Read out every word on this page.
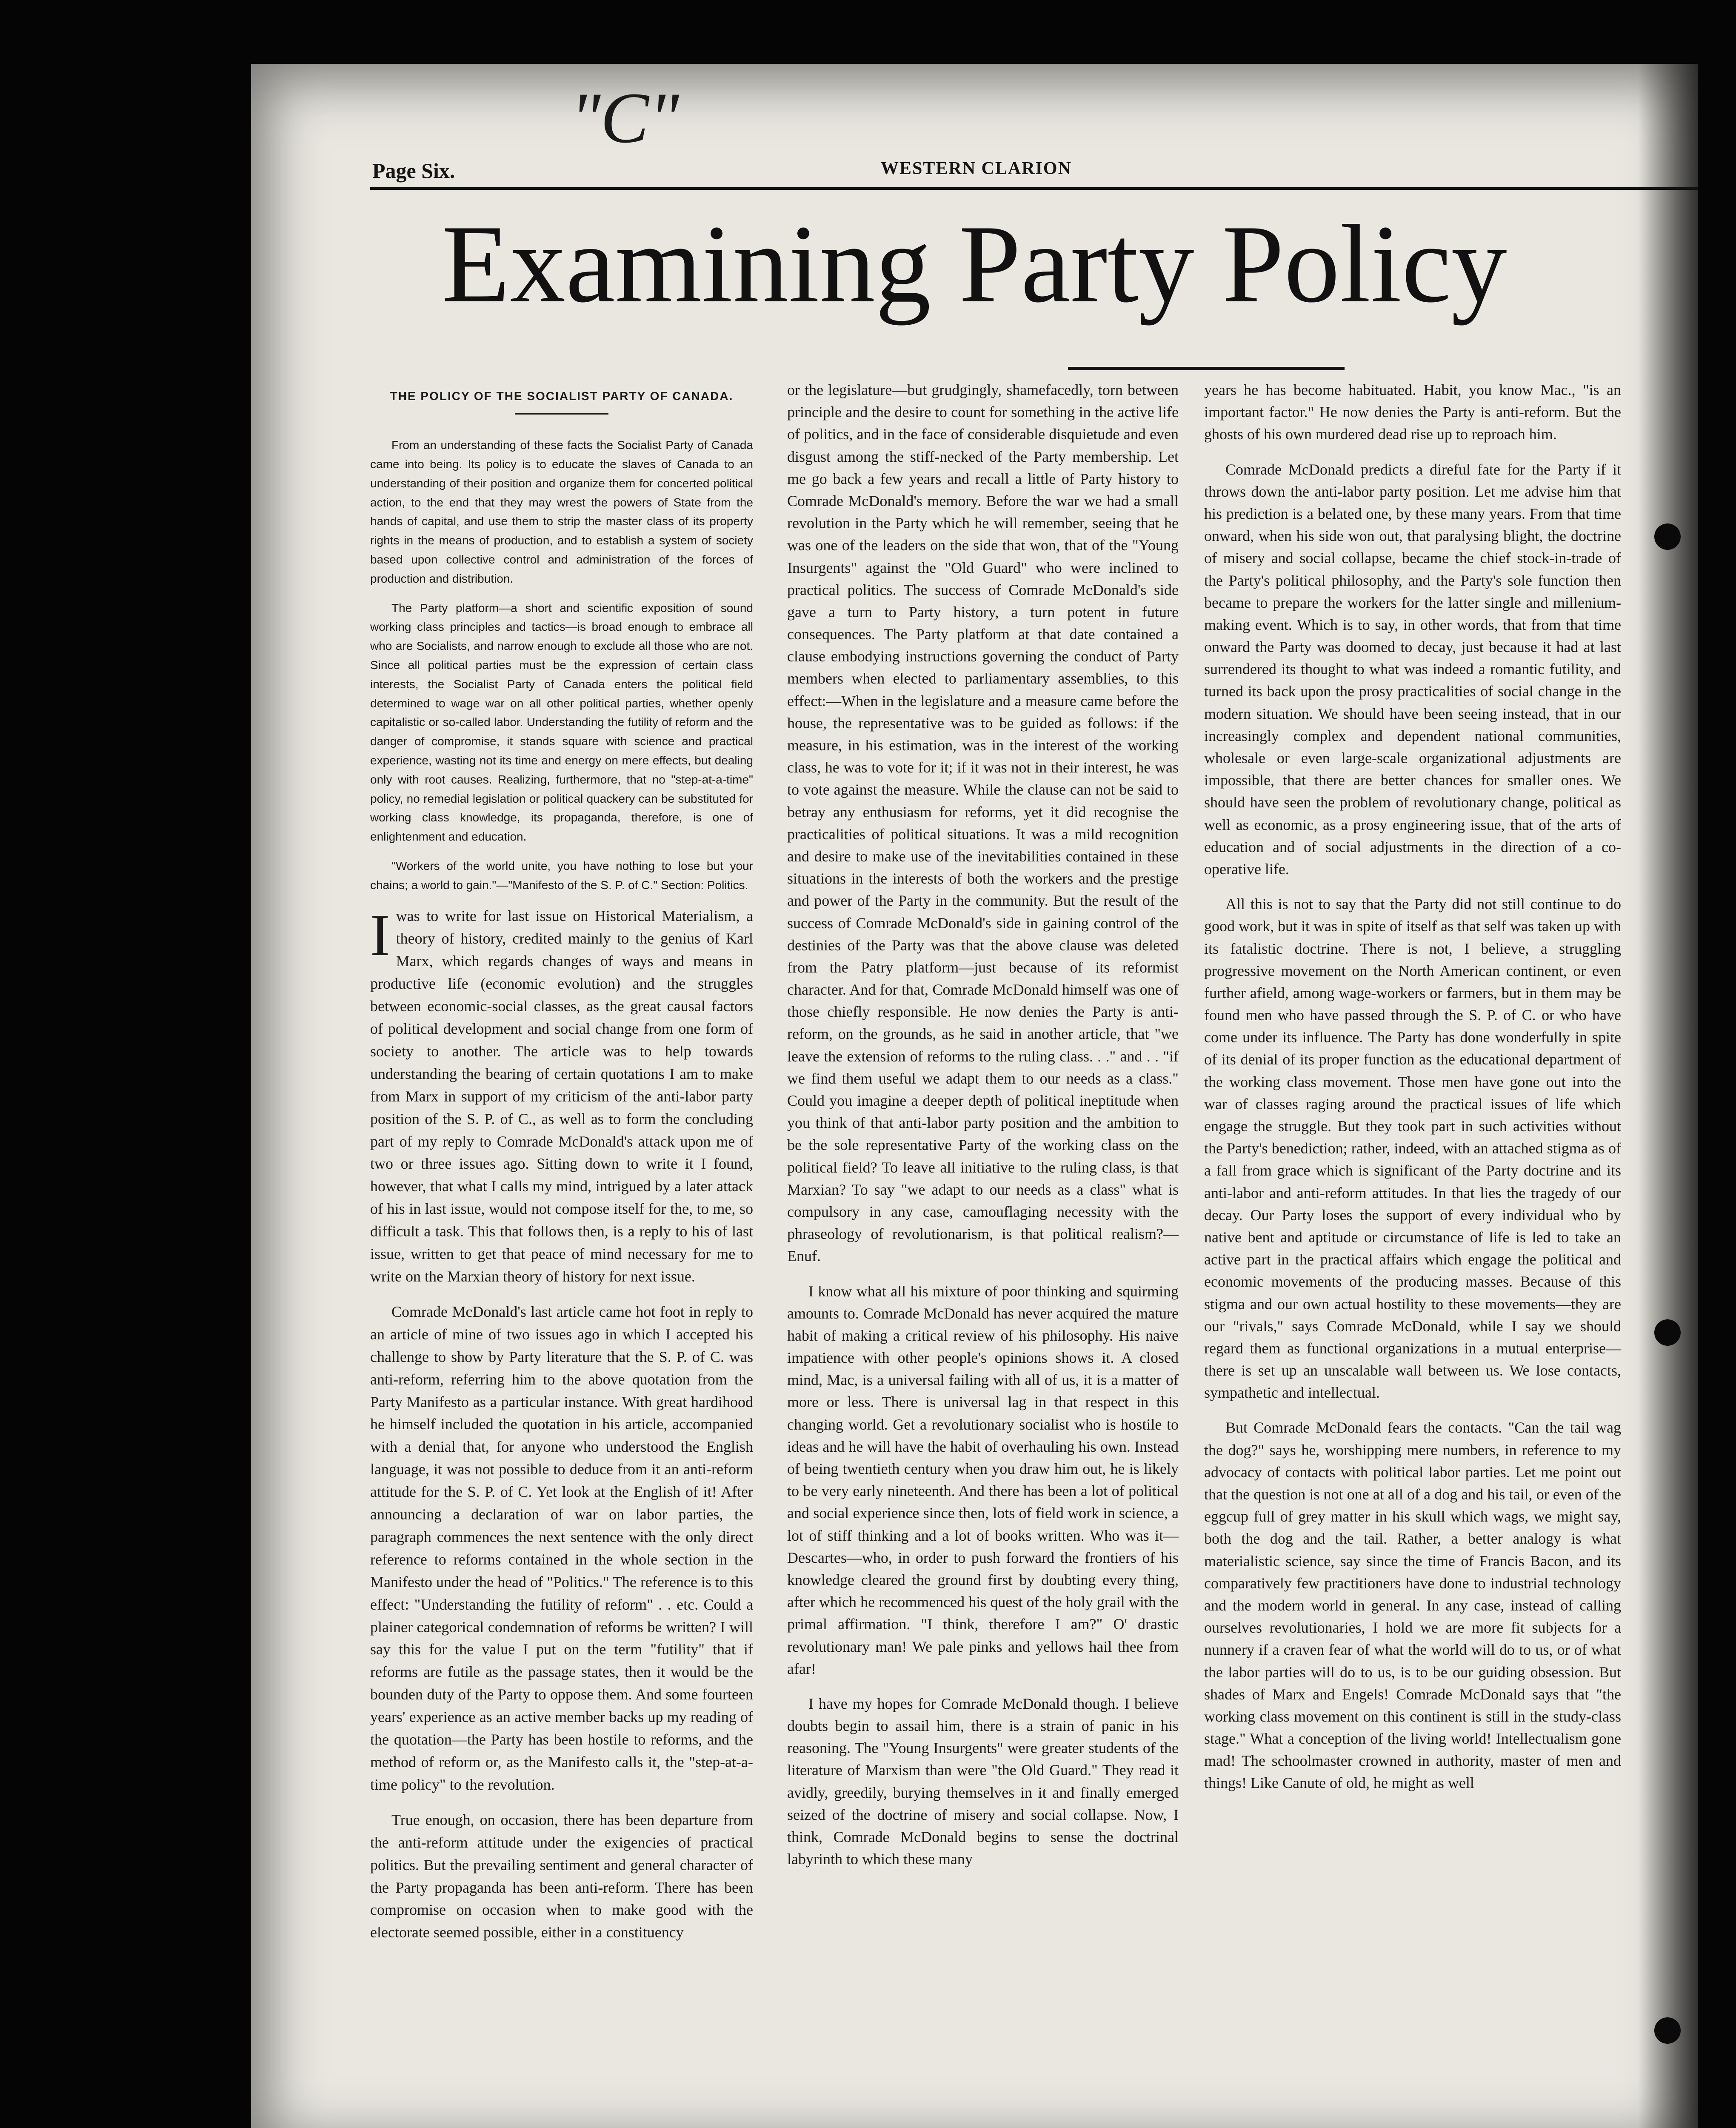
"C"
Page Six.	WESTERN CLARION
Examining Party Policy
THE POLICY OF THE SOCIALIST PARTY OF CANADA.

From an understanding of these facts the Socialist Party of Canada came into being. Its policy is to educate the slaves of Canada to an understanding of their position and organize them for concerted political action, to the end that they may wrest the powers of State from the hands of capital, and use them to strip the master class of its property rights in the means of production, and to establish a system of society based upon collective control and administration of the forces of production and distribution.

The Party platform—a short and scientific exposition of sound working class principles and tactics—is broad enough to embrace all who are Socialists, and narrow enough to exclude all those who are not. Since all political parties must be the expression of certain class interests, the Socialist Party of Canada enters the political field determined to wage war on all other political parties, whether openly capitalistic or so-called labor. Understanding the futility of reform and the danger of compromise, it stands square with science and practical experience, wasting not its time and energy on mere effects, but dealing only with root causes. Realizing, furthermore, that no "step-at-a-time" policy, no remedial legislation or political quackery can be substituted for working class knowledge, its propaganda, therefore, is one of enlightenment and education.

"Workers of the world unite, you have nothing to lose but your chains; a world to gain."—"Manifesto of the S. P. of C." Section: Politics.

I was to write for last issue on Historical Materialism, a theory of history, credited mainly to the genius of Karl Marx, which regards changes of ways and means in productive life (economic evolution) and the struggles between economic-social classes, as the great causal factors of political development and social change from one form of society to another. The article was to help towards understanding the bearing of certain quotations I am to make from Marx in support of my criticism of the anti-labor party position of the S. P. of C., as well as to form the concluding part of my reply to Comrade McDonald's attack upon me of two or three issues ago. Sitting down to write it I found, however, that what I calls my mind, intrigued by a later attack of his in last issue, would not compose itself for the, to me, so difficult a task. This that follows then, is a reply to his of last issue, written to get that peace of mind necessary for me to write on the Marxian theory of history for next issue.

Comrade McDonald's last article came hot foot in reply to an article of mine of two issues ago in which I accepted his challenge to show by Party literature that the S. P. of C. was anti-reform, referring him to the above quotation from the Party Manifesto as a particular instance. With great hardihood he himself included the quotation in his article, accompanied with a denial that, for anyone who understood the English language, it was not possible to deduce from it an anti-reform attitude for the S. P. of C. Yet look at the English of it! After announcing a declaration of war on labor parties, the paragraph commences the next sentence with the only direct reference to reforms contained in the whole section in the Manifesto under the head of "Politics." The reference is to this effect: "Understanding the futility of reform" . . etc. Could a plainer categorical condemnation of reforms be written? I will say this for the value I put on the term "futility" that if reforms are futile as the passage states, then it would be the bounden duty of the Party to oppose them. And some fourteen years' experience as an active member backs up my reading of the quotation—the Party has been hostile to reforms, and the method of reform or, as the Manifesto calls it, the "step-at-a-time policy" to the revolution.

True enough, on occasion, there has been departure from the anti-reform attitude under the exigencies of practical politics. But the prevailing sentiment and general character of the Party propaganda has been anti-reform. There has been compromise on occasion when to make good with the electorate seemed possible, either in a constituency

or the legislature—but grudgingly, shamefacedly, torn between principle and the desire to count for something in the active life of politics, and in the face of considerable disquietude and even disgust among the stiff-necked of the Party membership. Let me go back a few years and recall a little of Party history to Comrade McDonald's memory. Before the war we had a small revolution in the Party which he will remember, seeing that he was one of the leaders on the side that won, that of the "Young Insurgents" against the "Old Guard" who were inclined to practical politics. The success of Comrade McDonald's side gave a turn to Party history, a turn potent in future consequences. The Party platform at that date contained a clause embodying instructions governing the conduct of Party members when elected to parliamentary assemblies, to this effect:—When in the legislature and a measure came before the house, the representative was to be guided as follows: if the measure, in his estimation, was in the interest of the working class, he was to vote for it; if it was not in their interest, he was to vote against the measure. While the clause can not be said to betray any enthusiasm for reforms, yet it did recognise the practicalities of political situations. It was a mild recognition and desire to make use of the inevitabilities contained in these situations in the interests of both the workers and the prestige and power of the Party in the community. But the result of the success of Comrade McDonald's side in gaining control of the destinies of the Party was that the above clause was deleted from the Patry platform—just because of its reformist character. And for that, Comrade McDonald himself was one of those chiefly responsible. He now denies the Party is anti-reform, on the grounds, as he said in another article, that "we leave the extension of reforms to the ruling class. . ." and . . "if we find them useful we adapt them to our needs as a class." Could you imagine a deeper depth of political ineptitude when you think of that anti-labor party position and the ambition to be the sole representative Party of the working class on the political field? To leave all initiative to the ruling class, is that Marxian? To say "we adapt to our needs as a class" what is compulsory in any case, camouflaging necessity with the phraseology of revolutionarism, is that political realism?—Enuf.

I know what all his mixture of poor thinking and squirming amounts to. Comrade McDonald has never acquired the mature habit of making a critical review of his philosophy. His naive impatience with other people's opinions shows it. A closed mind, Mac, is a universal failing with all of us, it is a matter of more or less. There is universal lag in that respect in this changing world. Get a revolutionary socialist who is hostile to ideas and he will have the habit of overhauling his own. Instead of being twentieth century when you draw him out, he is likely to be very early nineteenth. And there has been a lot of political and social experience since then, lots of field work in science, a lot of stiff thinking and a lot of books written. Who was it—Descartes—who, in order to push forward the frontiers of his knowledge cleared the ground first by doubting every thing, after which he recommenced his quest of the holy grail with the primal affirmation. "I think, therefore I am?" O' drastic revolutionary man! We pale pinks and yellows hail thee from afar!

I have my hopes for Comrade McDonald though. I believe doubts begin to assail him, there is a strain of panic in his reasoning. The "Young Insurgents" were greater students of the literature of Marxism than were "the Old Guard." They read it avidly, greedily, burying themselves in it and finally emerged seized of the doctrine of misery and social collapse. Now, I think, Comrade McDonald begins to sense the doctrinal labyrinth to which these many

years he has become habituated. Habit, you know Mac., "is an important factor." He now denies the Party is anti-reform. But the ghosts of his own murdered dead rise up to reproach him.

Comrade McDonald predicts a direful fate for the Party if it throws down the anti-labor party position. Let me advise him that his prediction is a belated one, by these many years. From that time onward, when his side won out, that paralysing blight, the doctrine of misery and social collapse, became the chief stock-in-trade of the Party's political philosophy, and the Party's sole function then became to prepare the workers for the latter single and millenium-making event. Which is to say, in other words, that from that time onward the Party was doomed to decay, just because it had at last surrendered its thought to what was indeed a romantic futility, and turned its back upon the prosy practicalities of social change in the modern situation. We should have been seeing instead, that in our increasingly complex and dependent national communities, wholesale or even large-scale organizational adjustments are impossible, that there are better chances for smaller ones. We should have seen the problem of revolutionary change, political as well as economic, as a prosy engineering issue, that of the arts of education and of social adjustments in the direction of a co-operative life.

All this is not to say that the Party did not still continue to do good work, but it was in spite of itself as that self was taken up with its fatalistic doctrine. There is not, I believe, a struggling progressive movement on the North American continent, or even further afield, among wage-workers or farmers, but in them may be found men who have passed through the S. P. of C. or who have come under its influence. The Party has done wonderfully in spite of its denial of its proper function as the educational department of the working class movement. Those men have gone out into the war of classes raging around the practical issues of life which engage the struggle. But they took part in such activities without the Party's benediction; rather, indeed, with an attached stigma as of a fall from grace which is significant of the Party doctrine and its anti-labor and anti-reform attitudes. In that lies the tragedy of our decay. Our Party loses the support of every individual who by native bent and aptitude or circumstance of life is led to take an active part in the practical affairs which engage the political and economic movements of the producing masses. Because of this stigma and our own actual hostility to these movements—they are our "rivals," says Comrade McDonald, while I say we should regard them as functional organizations in a mutual enterprise—there is set up an unscalable wall between us. We lose contacts, sympathetic and intellectual.

But Comrade McDonald fears the contacts. "Can the tail wag the dog?" says he, worshipping mere numbers, in reference to my advocacy of contacts with political labor parties. Let me point out that the question is not one at all of a dog and his tail, or even of the eggcup full of grey matter in his skull which wags, we might say, both the dog and the tail. Rather, a better analogy is what materialistic science, say since the time of Francis Bacon, and its comparatively few practitioners have done to industrial technology and the modern world in general. In any case, instead of calling ourselves revolutionaries, I hold we are more fit subjects for a nunnery if a craven fear of what the world will do to us, or of what the labor parties will do to us, is to be our guiding obsession. But shades of Marx and Engels! Comrade McDonald says that "the working class movement on this continent is still in the study-class stage." What a conception of the living world! Intellectualism gone mad! The schoolmaster crowned in authority, master of men and things! Like Canute of old, he might as well
